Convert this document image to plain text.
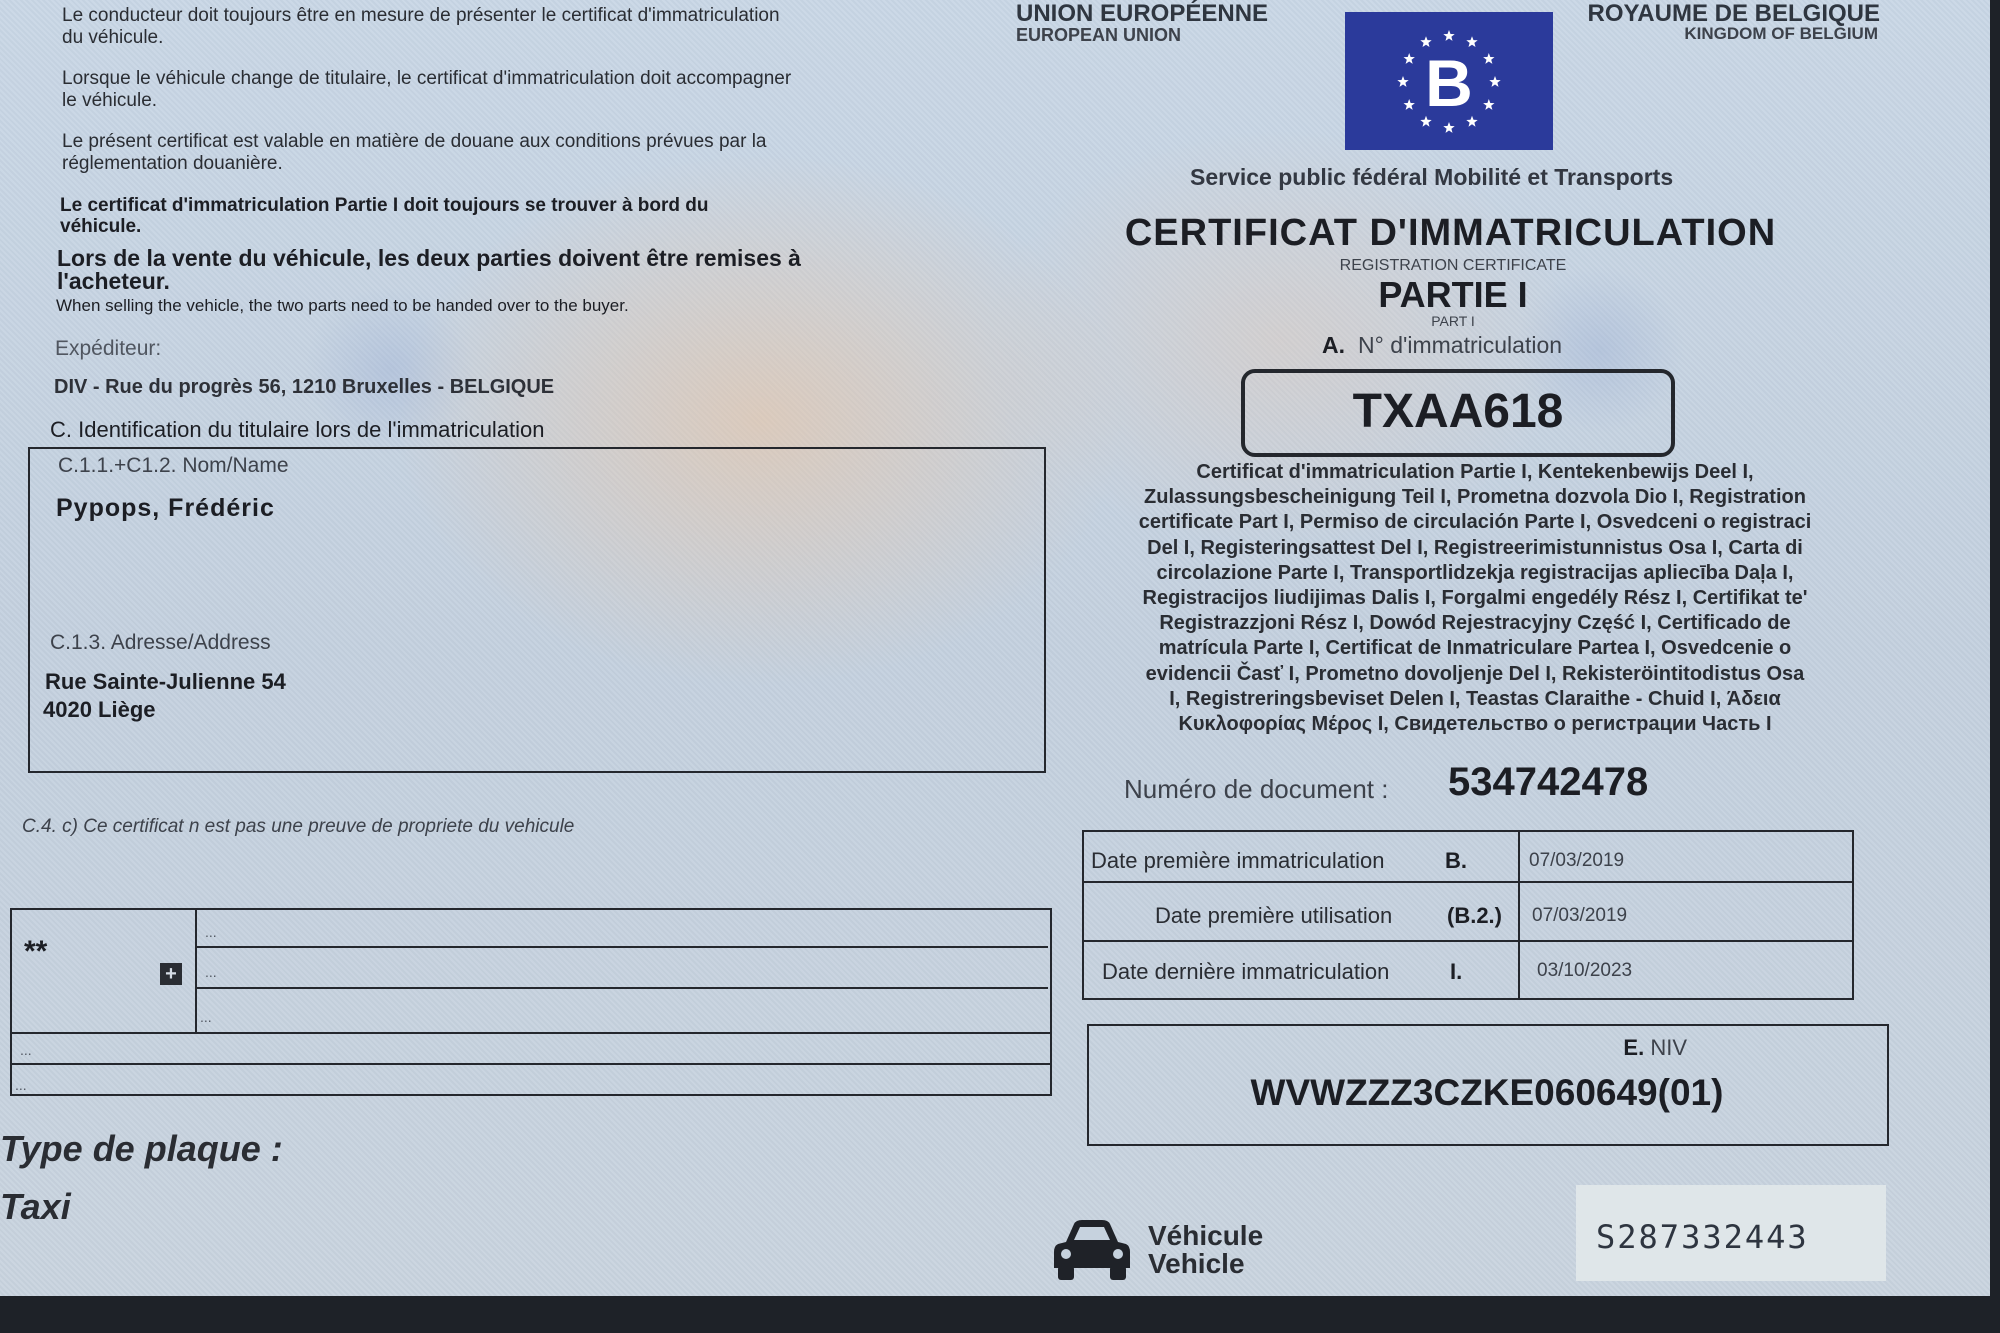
Le conducteur doit toujours être en mesure de présenter le certificat d'immatriculation
du véhicule.
Lorsque le véhicule change de titulaire, le certificat d'immatriculation doit accompagner
le véhicule.
Le présent certificat est valable en matière de douane aux conditions prévues par la
réglementation douanière.
Le certificat d'immatriculation Partie I doit toujours se trouver à bord du
véhicule.
Lors de la vente du véhicule, les deux parties doivent être remises à
l'acheteur.
When selling the vehicle, the two parts need to be handed over to the buyer.
Expéditeur:
DIV - Rue du progrès 56, 1210 Bruxelles - BELGIQUE
C. Identification du titulaire lors de l'immatriculation
C.1.1.+C1.2. Nom/Name
Pypops, Frédéric
C.1.3. Adresse/Address
Rue Sainte-Julienne 54
4020 Liège
C.4. c) Ce certificat n est pas une preuve de propriete du vehicule
**
+
...
...
...
...
...
Type de plaque :
Taxi
UNION EUROPÉENNE
EUROPEAN UNION
B
ROYAUME DE BELGIQUE
KINGDOM OF BELGIUM
Service public fédéral Mobilité et Transports
CERTIFICAT D'IMMATRICULATION
REGISTRATION CERTIFICATE
PARTIE I
PART I
A. N° d'immatriculation
TXAA618
Certificat d'immatriculation Partie I, Kentekenbewijs Deel I,
Zulassungsbescheinigung Teil I, Prometna dozvola Dio I, Registration
certificate Part I, Permiso de circulación Parte I, Osvedceni o registraci
Del I, Registeringsattest Del I, Registreerimistunnistus Osa I, Carta di
circolazione Parte I, Transportlidzekja registracijas apliecība Daļa I,
Registracijos liudijimas Dalis I, Forgalmi engedély Rész I, Certifikat te'
Registrazzjoni Rész I, Dowód Rejestracyjny Część I, Certificado de
matrícula Parte I, Certificat de Inmatriculare Partea I, Osvedcenie o
evidencii Časť I, Prometno dovoljenje Del I, Rekisteröintitodistus Osa
I, Registreringsbeviset Delen I, Teastas Claraithe - Chuid I, Άδεια
Κυκλοφορίας Μέρος I, Свидетельство о регистрации Часть I
Numéro de document : 534742478
Date première immatriculation	B.	07/03/2019
Date première utilisation (B.2.) 07/03/2019
Date dernière immatriculation	I.	03/10/2023
E. NIV
WVWZZZ3CZKE060649(01)
Véhicule
Vehicle
S287332443
